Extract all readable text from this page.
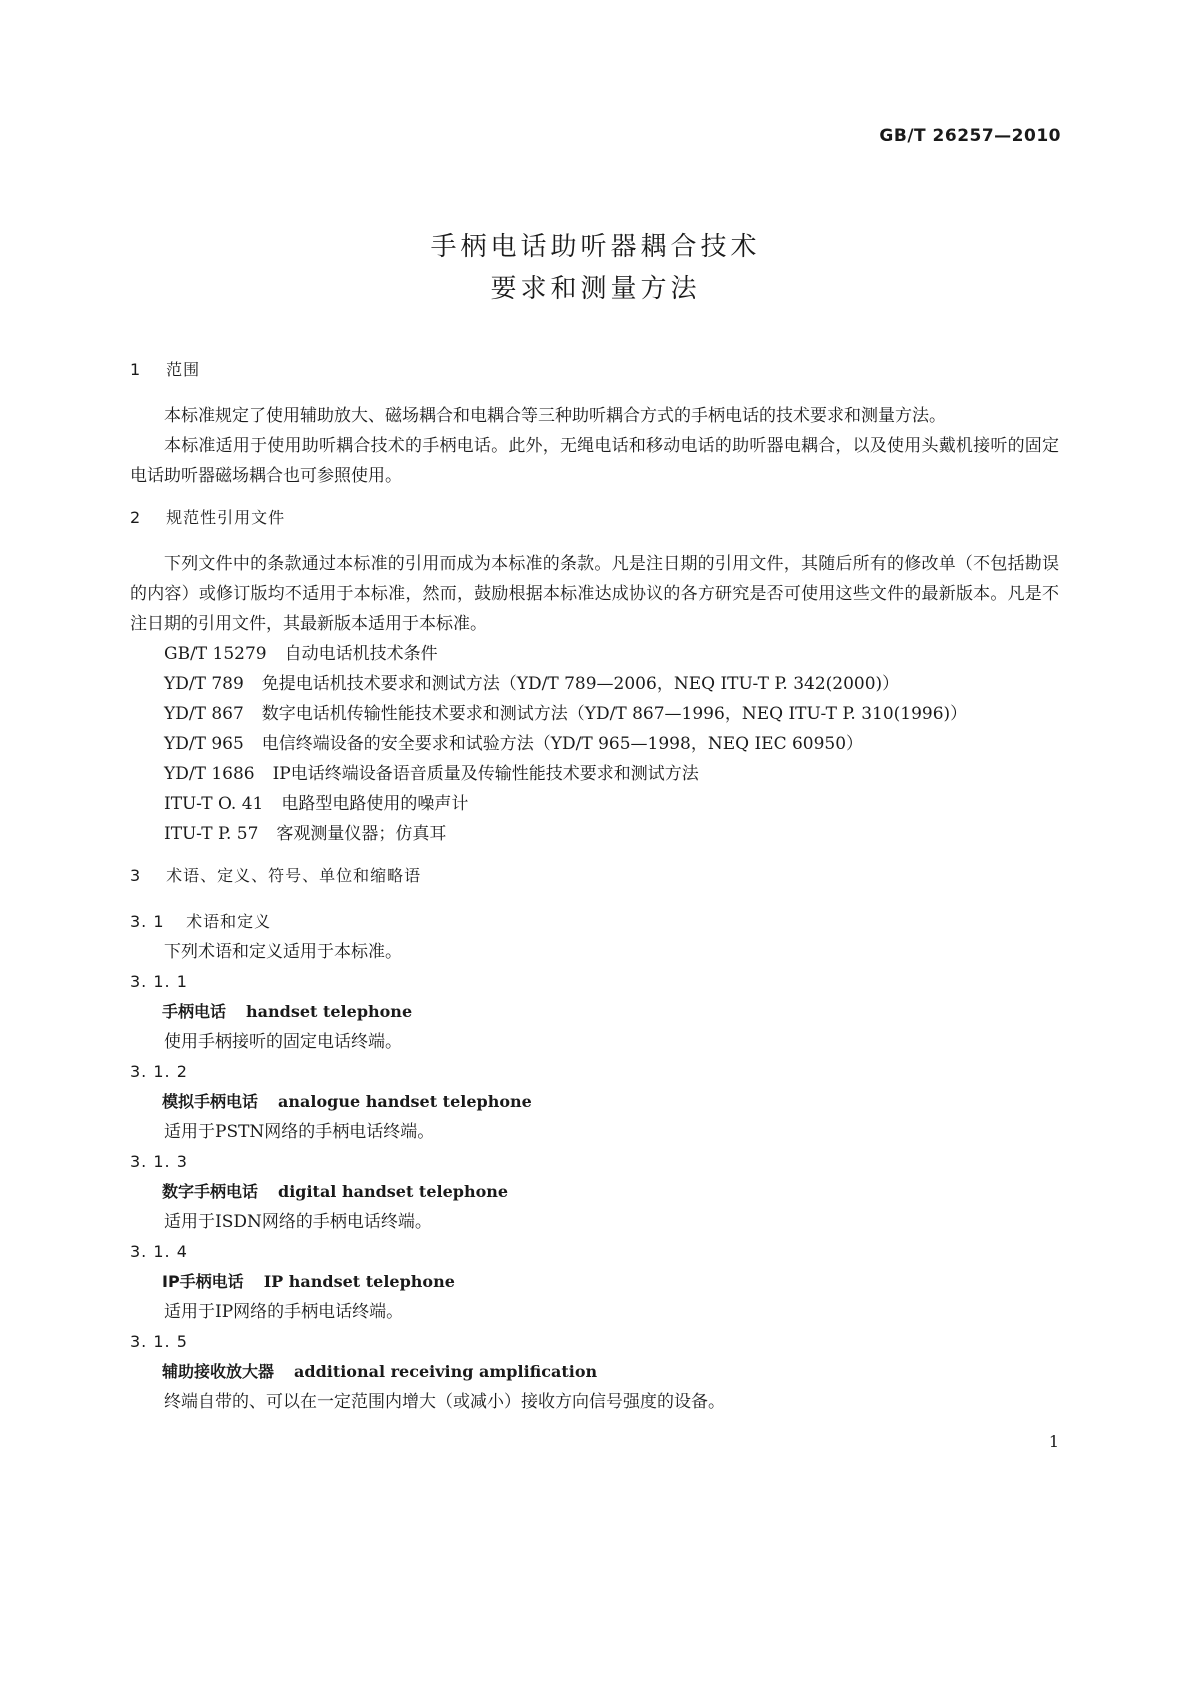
GB/T 26257—2010
手柄电话助听器耦合技术
要求和测量方法
1 范围

本标准规定了使用辅助放大、磁场耦合和电耦合等三种助听耦合方式的手柄电话的技术要求和测量方法。

本标准适用于使用助听耦合技术的手柄电话。此外，无绳电话和移动电话的助听器电耦合，以及使用头戴机接听的固定电话助听器磁场耦合也可参照使用。

2 规范性引用文件

下列文件中的条款通过本标准的引用而成为本标准的条款。凡是注日期的引用文件，其随后所有的修改单（不包括勘误的内容）或修订版均不适用于本标准，然而，鼓励根据本标准达成协议的各方研究是否可使用这些文件的最新版本。凡是不注日期的引用文件，其最新版本适用于本标准。

GB/T 15279 自动电话机技术条件

YD/T 789 免提电话机技术要求和测试方法（YD/T 789—2006，NEQ ITU-T P. 342(2000)）

YD/T 867 数字电话机传输性能技术要求和测试方法（YD/T 867—1996，NEQ ITU-T P. 310(1996)）

YD/T 965 电信终端设备的安全要求和试验方法（YD/T 965—1998，NEQ IEC 60950）

YD/T 1686 IP电话终端设备语音质量及传输性能技术要求和测试方法

ITU-T O. 41 电路型电路使用的噪声计

ITU-T P. 57 客观测量仪器；仿真耳

3 术语、定义、符号、单位和缩略语
3. 1 术语和定义
下列术语和定义适用于本标准。
3. 1. 1
手柄电话 handset telephone
使用手柄接听的固定电话终端。
3. 1. 2
模拟手柄电话 analogue handset telephone
适用于PSTN网络的手柄电话终端。
3. 1. 3
数字手柄电话 digital handset telephone
适用于ISDN网络的手柄电话终端。
3. 1. 4
IP手柄电话 IP handset telephone
适用于IP网络的手柄电话终端。
3. 1. 5
辅助接收放大器 additional receiving amplification
终端自带的、可以在一定范围内增大（或减小）接收方向信号强度的设备。
1
